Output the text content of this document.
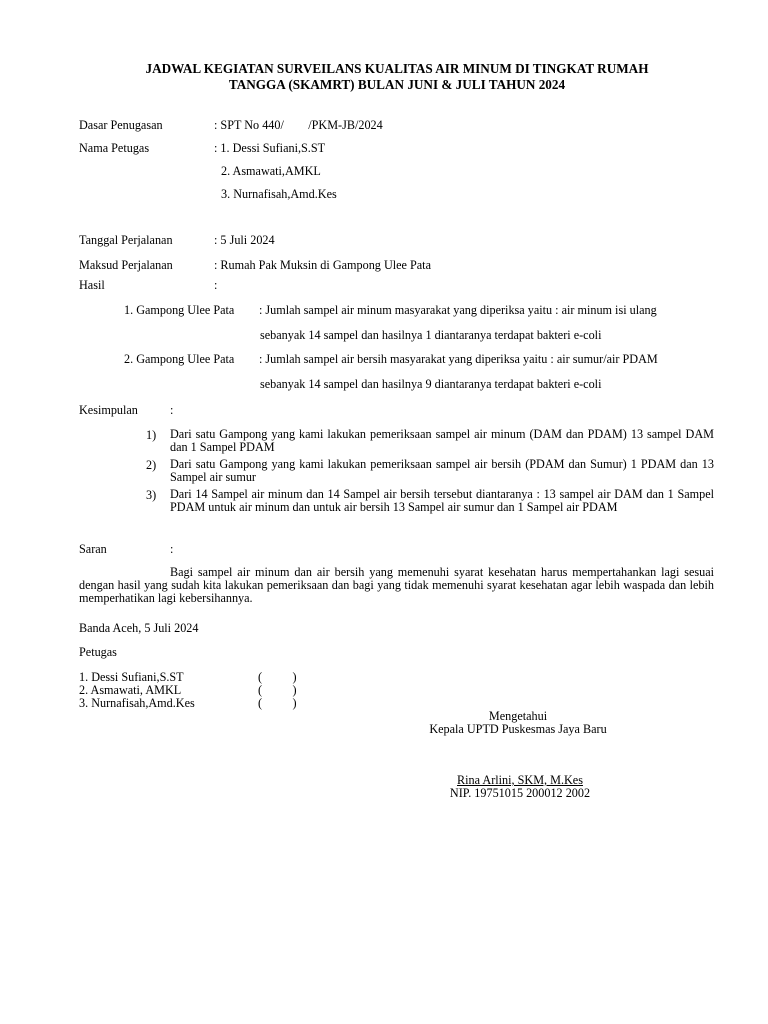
JADWAL KEGIATAN SURVEILANS KUALITAS AIR MINUM DI TINGKAT RUMAH
TANGGA (SKAMRT) BULAN JUNI & JULI TAHUN 2024
Dasar Penugasan	: SPT No 440/        /PKM-JB/2024
Nama Petugas	: 1. Dessi Sufiani,S.ST
2. Asmawati,AMKL
3. Nurnafisah,Amd.Kes
Tanggal Perjalanan	: 5 Juli 2024
Maksud Perjalanan	: Rumah Pak Muksin di Gampong Ulee Pata
Hasil	:
1. Gampong Ulee Pata : Jumlah sampel air minum masyarakat yang diperiksa yaitu : air minum isi ulang
sebanyak 14 sampel dan hasilnya 1 diantaranya terdapat bakteri e-coli
2. Gampong Ulee Pata : Jumlah sampel air bersih masyarakat yang diperiksa yaitu : air sumur/air PDAM
sebanyak 14 sampel dan hasilnya 9 diantaranya terdapat bakteri e-coli
Kesimpulan	:
1) Dari satu Gampong yang kami lakukan pemeriksaan sampel air minum (DAM dan PDAM) 13 sampel DAM dan 1 Sampel PDAM
2) Dari satu Gampong yang kami lakukan pemeriksaan sampel air bersih (PDAM dan Sumur) 1 PDAM dan 13 Sampel air sumur
3) Dari 14 Sampel air minum dan 14 Sampel air bersih tersebut diantaranya : 13 sampel air DAM dan 1 Sampel PDAM untuk air minum dan untuk air bersih 13 Sampel air sumur dan 1 Sampel air PDAM
Saran	:
Bagi sampel air minum dan air bersih yang memenuhi syarat kesehatan harus mempertahankan lagi sesuai dengan hasil yang sudah kita lakukan pemeriksaan dan bagi yang tidak memenuhi syarat kesehatan agar lebih waspada dan lebih memperhatikan lagi kebersihannya.
Banda Aceh, 5 Juli 2024
Petugas
1. Dessi Sufiani,S.ST	(          )
2. Asmawati, AMKL	(          )
3. Nurnafisah,Amd.Kes	(          )
Mengetahui
Kepala UPTD Puskesmas Jaya Baru
Rina Arlini, SKM, M.Kes
NIP. 19751015 200012 2002
